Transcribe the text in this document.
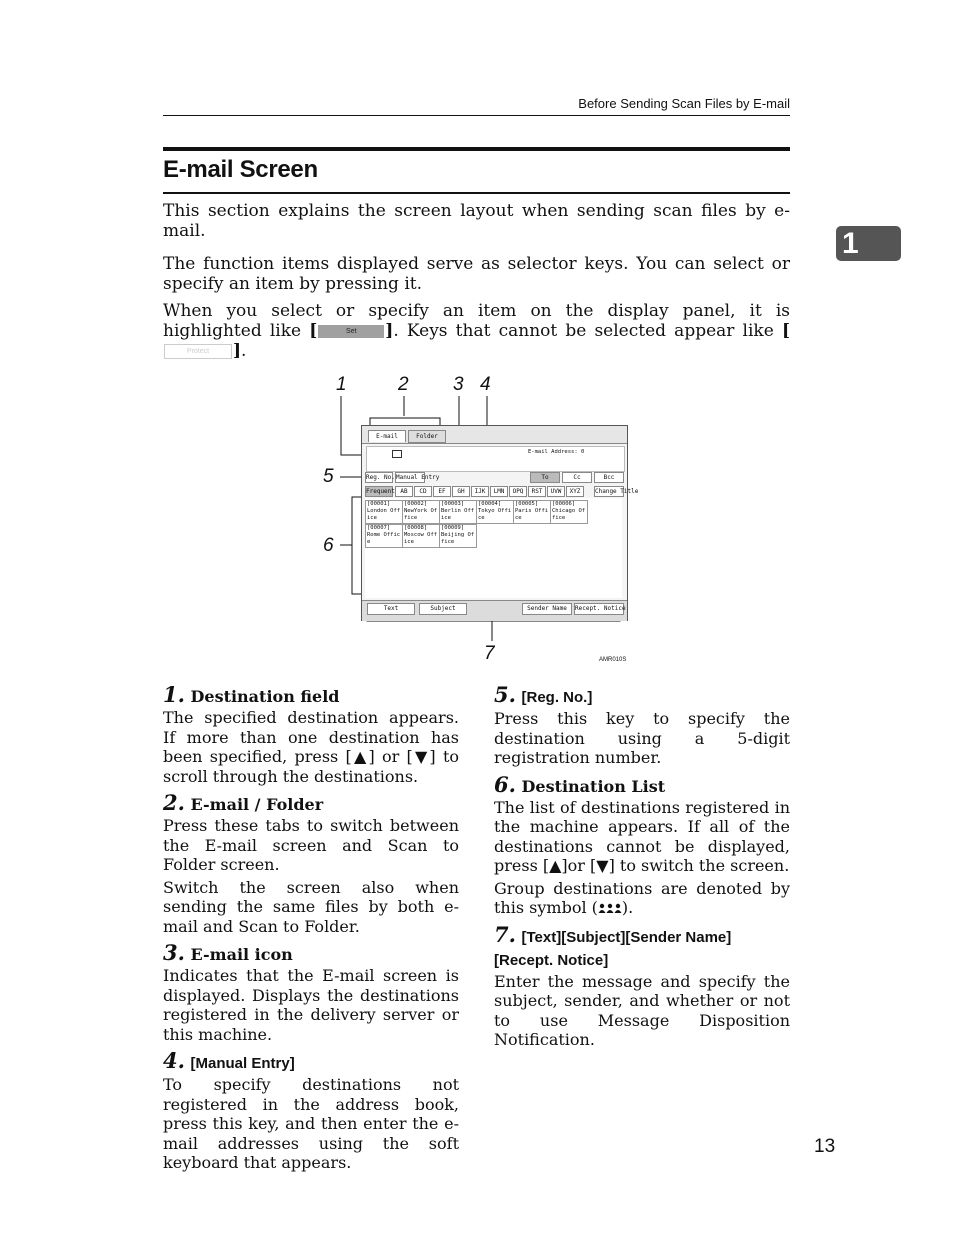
Before Sending Scan Files by E-mail
E-mail Screen
1
This section explains the screen layout when sending scan files by e-mail.
The function items displayed serve as selector keys. You can select or specify an item by pressing it.
When you select or specify an item on the display panel, it is highlighted like [	Set ]. Keys that cannot be selected appear like [Protect ].
1	2 3 4
5
6
7
E-mail	Folder
E-mail Address: 0
Reg. No. Manual Entry	To	Cc	Bcc
Frequent AB	CD	EF	GH	IJK	LMN	OPQ	RST	UVW	XYZ	Change Title
[00001]
London Off
ice
[00002]
NewYork Of
fice
[00003]
Berlin Off
ice
[00004]
Tokyo Offi
ce
[00005]
Paris Offi
ce
[00006]
Chicago Of
fice
[00007]
Rome Offic
e
[00008]
Moscow Off
ice
[00009]
Beijing Of
fice
Text	Subject	Sender Name	Recept. Notice
AMR010S
1. Destination field
The specified destination appears. If more than one destination has been specified, press [▲] or [▼] to scroll through the destinations.
2. E-mail / Folder
Press these tabs to switch between the E-mail screen and Scan to Folder screen.
Switch the screen also when sending the same files by both e-mail and Scan to Folder.
3. E-mail icon
Indicates that the E-mail screen is displayed. Displays the destinations registered in the delivery server or this machine.
4. [Manual Entry]
To specify destinations not registered in the address book, press this key, and then enter the e-mail addresses using the soft keyboard that appears.
5. [Reg. No.]
Press this key to specify the destination using a 5-digit registration number.
6. Destination List
The list of destinations registered in the machine appears. If all of the destinations cannot be displayed, press [▲]or [▼] to switch the screen.
Group destinations are denoted by this symbol ( ).
7. [Text][Subject][Sender Name][Recept. Notice]
Enter the message and specify the subject, sender, and whether or not to use Message Disposition Notification.
13
